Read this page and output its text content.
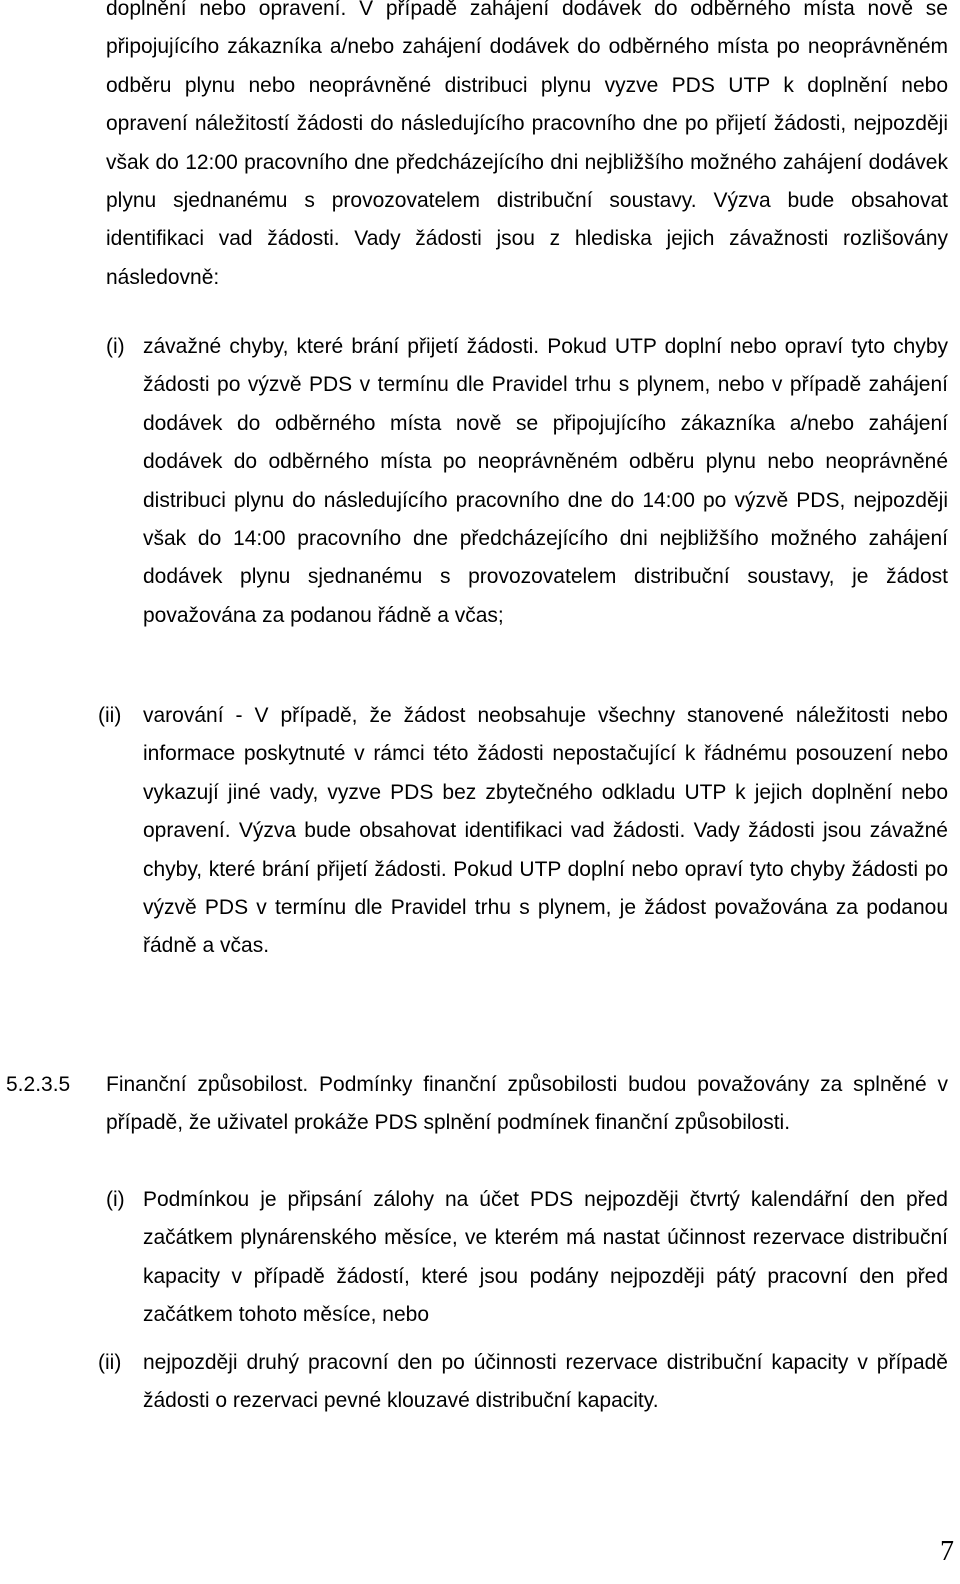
doplnění nebo opravení. V případě zahájení dodávek do odběrného místa nově se připojujícího zákazníka a/nebo zahájení dodávek do odběrného místa po neoprávněném odběru plynu nebo neoprávněné distribuci plynu vyzve PDS UTP k doplnění nebo opravení náležitostí žádosti do následujícího pracovního dne po přijetí žádosti, nejpozději však do 12:00 pracovního dne předcházejícího dni nejbližšího možného zahájení dodávek plynu sjednanému s provozovatelem distribuční soustavy. Výzva bude obsahovat identifikaci vad žádosti. Vady žádosti jsou z hlediska jejich závažnosti rozlišovány následovně:
(i) závažné chyby, které brání přijetí žádosti. Pokud UTP doplní nebo opraví tyto chyby žádosti po výzvě PDS v termínu dle Pravidel trhu s plynem, nebo v případě zahájení dodávek do odběrného místa nově se připojujícího zákazníka a/nebo zahájení dodávek do odběrného místa po neoprávněném odběru plynu nebo neoprávněné distribuci plynu do následujícího pracovního dne do 14:00 po výzvě PDS, nejpozději však do 14:00 pracovního dne předcházejícího dni nejbližšího možného zahájení dodávek plynu sjednanému s provozovatelem distribuční soustavy, je žádost považována za podanou řádně a včas;
(ii) varování - V případě, že žádost neobsahuje všechny stanovené náležitosti nebo informace poskytnuté v rámci této žádosti nepostačující k řádnému posouzení nebo vykazují jiné vady, vyzve PDS bez zbytečného odkladu UTP k jejich doplnění nebo opravení. Výzva bude obsahovat identifikaci vad žádosti. Vady žádosti jsou závažné chyby, které brání přijetí žádosti. Pokud UTP doplní nebo opraví tyto chyby žádosti po výzvě PDS v termínu dle Pravidel trhu s plynem, je žádost považována za podanou řádně a včas.
5.2.3.5 Finanční způsobilost. Podmínky finanční způsobilosti budou považovány za splněné v případě, že uživatel prokáže PDS splnění podmínek finanční způsobilosti.
(i) Podmínkou je připsání zálohy na účet PDS nejpozději čtvrtý kalendářní den před začátkem plynárenského měsíce, ve kterém má nastat účinnost rezervace distribuční kapacity v případě žádostí, které jsou podány nejpozději pátý pracovní den před začátkem tohoto měsíce, nebo
(ii) nejpozději druhý pracovní den po účinnosti rezervace distribuční kapacity v případě žádosti o rezervaci pevné klouzavé distribuční kapacity.
7
